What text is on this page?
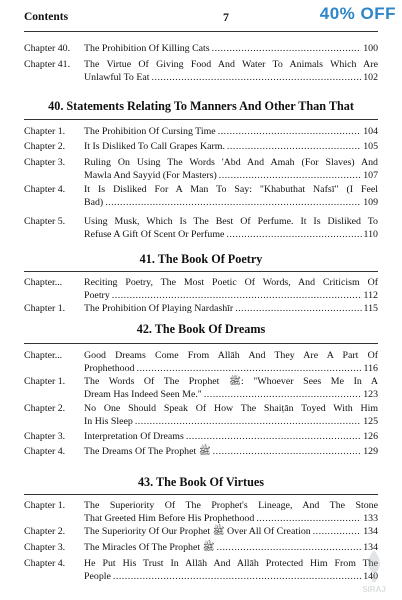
Contents	7	40% OFF
Chapter 40. The Prohibition Of Killing Cats .....	100
Chapter 41. The Virtue Of Giving Food And Water To Animals Which Are
Unlawful To Eat .....	102
40. Statements Relating To Manners And Other Than That
Chapter 1. The Prohibition Of Cursing Time .....	104
Chapter 2. It Is Disliked To Call Grapes Karm. .....	105
Chapter 3. Ruling On Using The Words 'Abd And Amah (For Slaves) And
Mawla And Sayyid (For Masters) .....	107
Chapter 4. It Is Disliked For A Man To Say: "Khabuthat Nafsī" (I Feel
Bad) .....	109
Chapter 5. Using Musk, Which Is The Best Of Perfume. It Is Disliked To
Refuse A Gift Of Scent Or Perfume .....	110
41. The Book Of Poetry
Chapter... Reciting Poetry, The Most Poetic Of Words, And Criticism Of
Poetry .....	112
Chapter 1. The Prohibition Of Playing Nardashīr .....	115
42. The Book Of Dreams
Chapter... Good Dreams Come From Allāh And They Are A Part Of
Prophethood .....	116
Chapter 1. The Words Of The Prophet ﷺ: "Whoever Sees Me In A
Dream Has Indeed Seen Me." .....	123
Chapter 2. No One Should Speak Of How The Shaiṭān Toyed With Him
In His Sleep .....	125
Chapter 3. Interpretation Of Dreams .....	126
Chapter 4. The Dreams Of The Prophet ﷺ .....	129
43. The Book Of Virtues
Chapter 1. The Superiority Of The Prophet's Lineage, And The Stone
That Greeted Him Before His Prophethood .....	133
Chapter 2. The Superiority Of Our Prophet ﷺ Over All Of Creation .....	134
Chapter 3. The Miracles Of The Prophet ﷺ .....	134
Chapter 4. He Put His Trust In Allāh And Allāh Protected Him From The
People .....	140
SIRAJ
